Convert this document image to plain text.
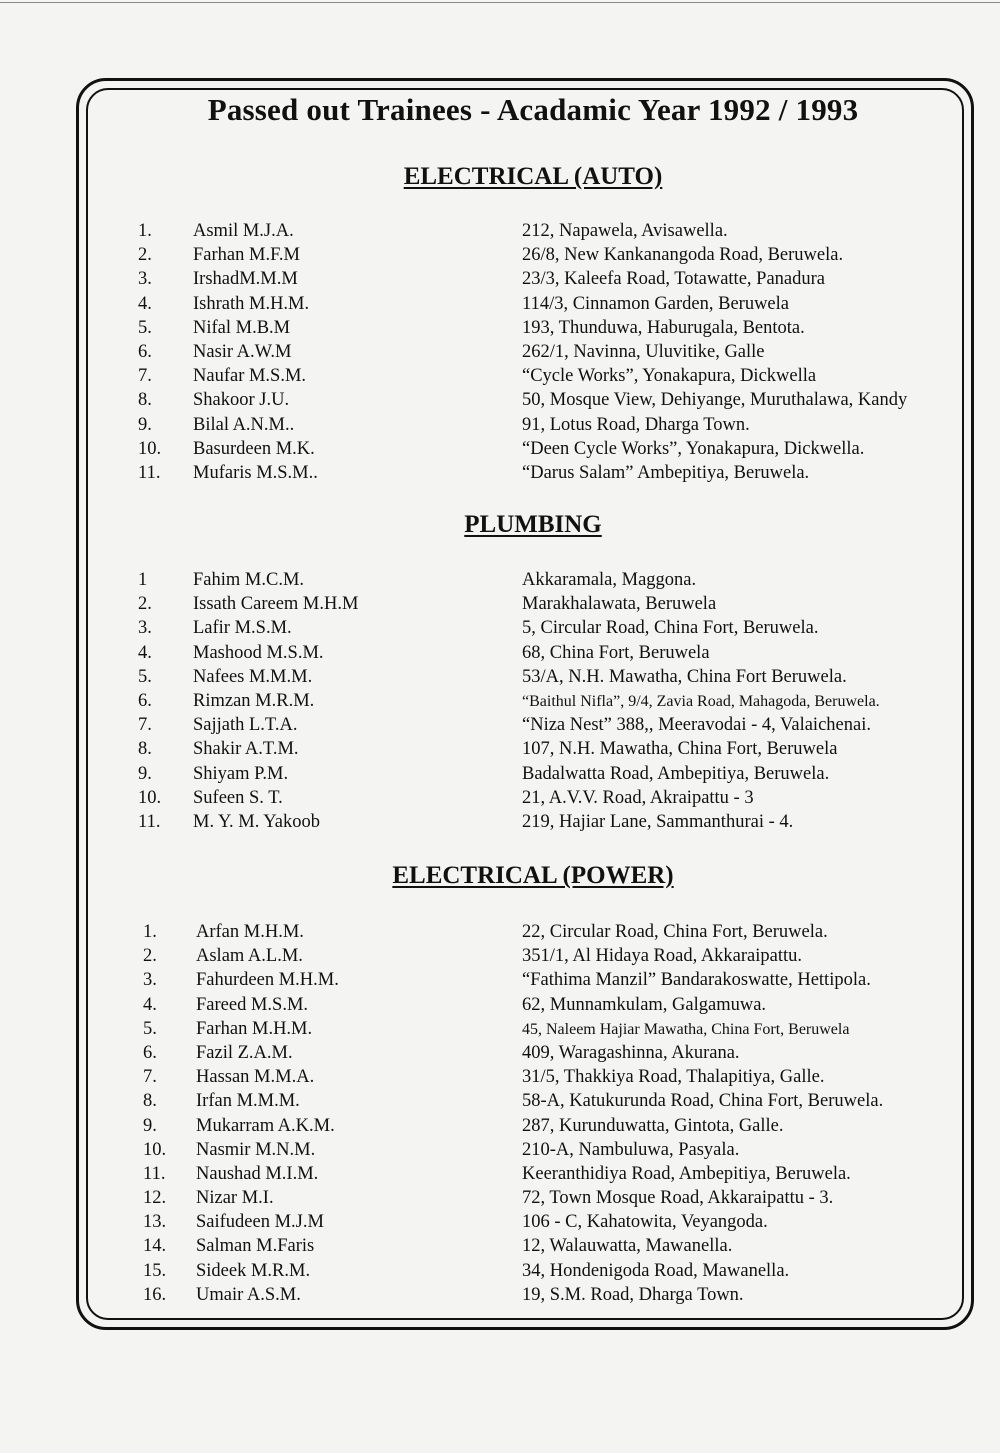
Passed out Trainees - Acadamic Year 1992 / 1993
ELECTRICAL (AUTO)
1.	Asmil M.J.A.	212, Napawela, Avisawella.
2.	Farhan M.F.M	26/8, New Kankanangoda Road, Beruwela.
3.	IrshadM.M.M	23/3, Kaleefa Road, Totawatte, Panadura
4.	Ishrath M.H.M.	114/3, Cinnamon Garden, Beruwela
5.	Nifal M.B.M	193, Thunduwa, Haburugala, Bentota.
6.	Nasir A.W.M	262/1, Navinna, Uluvitike, Galle
7.	Naufar M.S.M.	“Cycle Works”, Yonakapura, Dickwella
8.	Shakoor J.U.	50, Mosque View, Dehiyange, Muruthalawa, Kandy
9.	Bilal A.N.M..	91, Lotus Road, Dharga Town.
10.	Basurdeen M.K.	“Deen Cycle Works”, Yonakapura, Dickwella.
11.	Mufaris M.S.M..	“Darus Salam” Ambepitiya, Beruwela.
PLUMBING
1	Fahim M.C.M.	Akkaramala, Maggona.
2.	Issath Careem M.H.M	Marakhalawata, Beruwela
3.	Lafir M.S.M.	5, Circular Road, China Fort, Beruwela.
4.	Mashood M.S.M.	68, China Fort, Beruwela
5.	Nafees M.M.M.	53/A, N.H. Mawatha, China Fort Beruwela.
6.	Rimzan M.R.M.	“Baithul Nifla”, 9/4, Zavia Road, Mahagoda, Beruwela.
7.	Sajjath L.T.A.	“Niza Nest” 388,, Meeravodai - 4, Valaichenai.
8.	Shakir A.T.M.	107, N.H. Mawatha, China Fort, Beruwela
9.	Shiyam P.M.	Badalwatta Road, Ambepitiya, Beruwela.
10.	Sufeen S. T.	21, A.V.V. Road, Akraipattu - 3
11.	M. Y. M. Yakoob	219, Hajiar Lane, Sammanthurai - 4.
ELECTRICAL (POWER)
1.	Arfan M.H.M.	22, Circular Road, China Fort, Beruwela.
2.	Aslam A.L.M.	351/1, Al Hidaya Road, Akkaraipattu.
3.	Fahurdeen M.H.M.	“Fathima Manzil” Bandarakoswatte, Hettipola.
4.	Fareed M.S.M.	62, Munnamkulam, Galgamuwa.
5.	Farhan M.H.M.	45, Naleem Hajiar Mawatha, China Fort, Beruwela
6.	Fazil Z.A.M.	409, Waragashinna, Akurana.
7.	Hassan M.M.A.	31/5, Thakkiya Road, Thalapitiya, Galle.
8.	Irfan M.M.M.	58-A, Katukurunda Road, China Fort, Beruwela.
9.	Mukarram A.K.M.	287, Kurunduwatta, Gintota, Galle.
10.	Nasmir M.N.M.	210-A, Nambuluwa, Pasyala.
11.	Naushad M.I.M.	Keeranthidiya Road, Ambepitiya, Beruwela.
12.	Nizar M.I.	72, Town Mosque Road, Akkaraipattu - 3.
13.	Saifudeen M.J.M	106 - C, Kahatowita, Veyangoda.
14.	Salman M.Faris	12, Walauwatta, Mawanella.
15.	Sideek M.R.M.	34, Hondenigoda Road, Mawanella.
16.	Umair A.S.M.	19, S.M. Road, Dharga Town.
